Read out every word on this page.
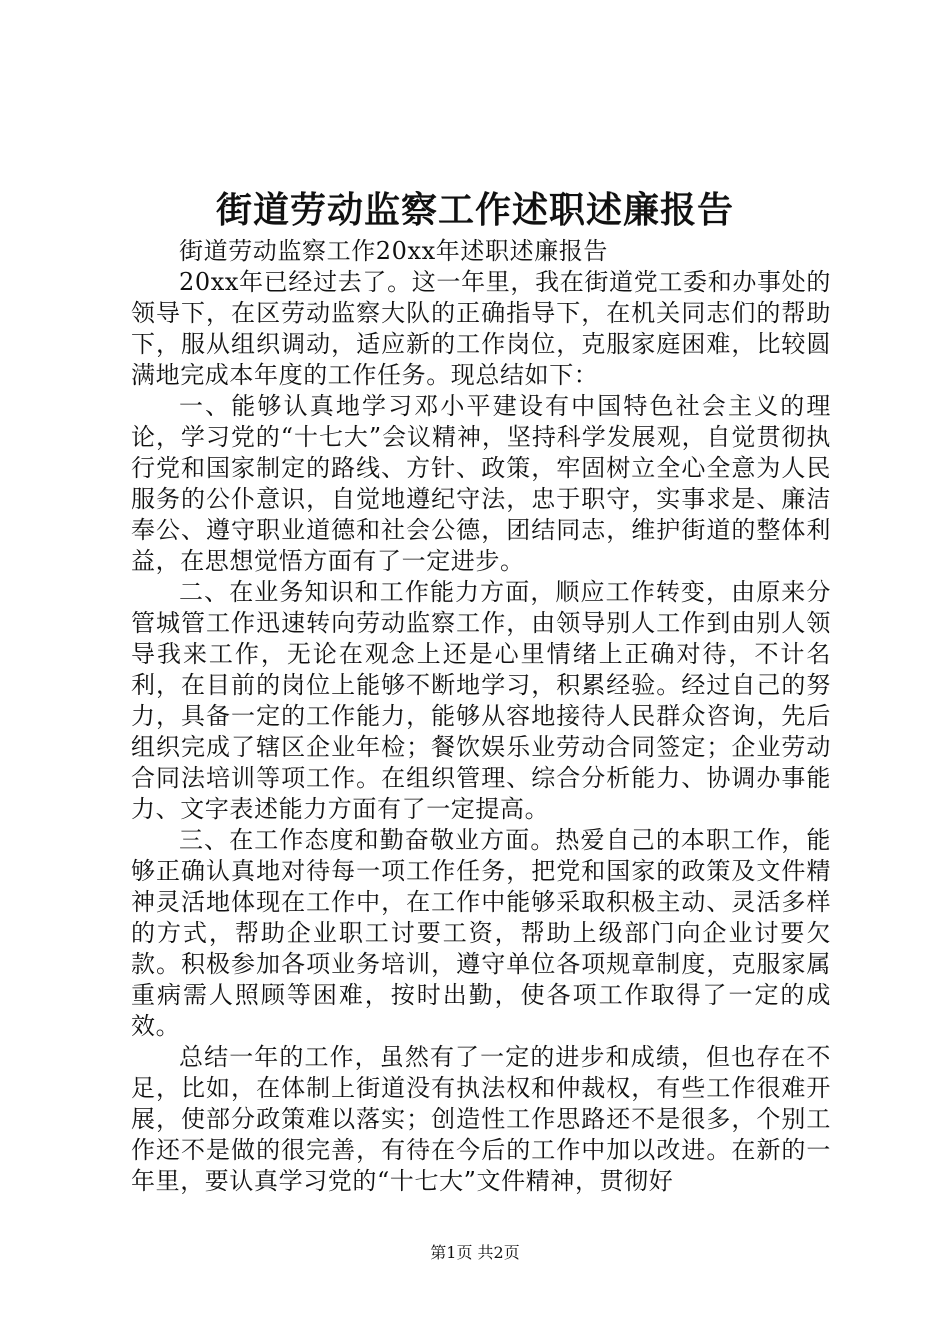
街道劳动监察工作述职述廉报告

街道劳动监察工作20xx年述职述廉报告

20xx年已经过去了。这一年里，我在街道党工委和办事处的领导下，在区劳动监察大队的正确指导下，在机关同志们的帮助下，服从组织调动，适应新的工作岗位，克服家庭困难，比较圆满地完成本年度的工作任务。现总结如下：

一、能够认真地学习邓小平建设有中国特色社会主义的理论，学习党的“十七大”会议精神，坚持科学发展观，自觉贯彻执行党和国家制定的路线、方针、政策，牢固树立全心全意为人民服务的公仆意识，自觉地遵纪守法，忠于职守，实事求是、廉洁奉公、遵守职业道德和社会公德，团结同志，维护街道的整体利益，在思想觉悟方面有了一定进步。

二、在业务知识和工作能力方面，顺应工作转变，由原来分管城管工作迅速转向劳动监察工作，由领导别人工作到由别人领导我来工作，无论在观念上还是心里情绪上正确对待，不计名利，在目前的岗位上能够不断地学习，积累经验。经过自己的努力，具备一定的工作能力，能够从容地接待人民群众咨询，先后组织完成了辖区企业年检；餐饮娱乐业劳动合同签定；企业劳动合同法培训等项工作。在组织管理、综合分析能力、协调办事能力、文字表述能力方面有了一定提高。

三、在工作态度和勤奋敬业方面。热爱自己的本职工作，能够正确认真地对待每一项工作任务，把党和国家的政策及文件精神灵活地体现在工作中，在工作中能够采取积极主动、灵活多样的方式，帮助企业职工讨要工资，帮助上级部门向企业讨要欠款。积极参加各项业务培训，遵守单位各项规章制度，克服家属重病需人照顾等困难，按时出勤，使各项工作取得了一定的成效。

总结一年的工作，虽然有了一定的进步和成绩，但也存在不足，比如，在体制上街道没有执法权和仲裁权，有些工作很难开展，使部分政策难以落实；创造性工作思路还不是很多，个别工作还不是做的很完善，有待在今后的工作中加以改进。在新的一年里，要认真学习党的“十七大”文件精神，贯彻好

第1页 共2页
